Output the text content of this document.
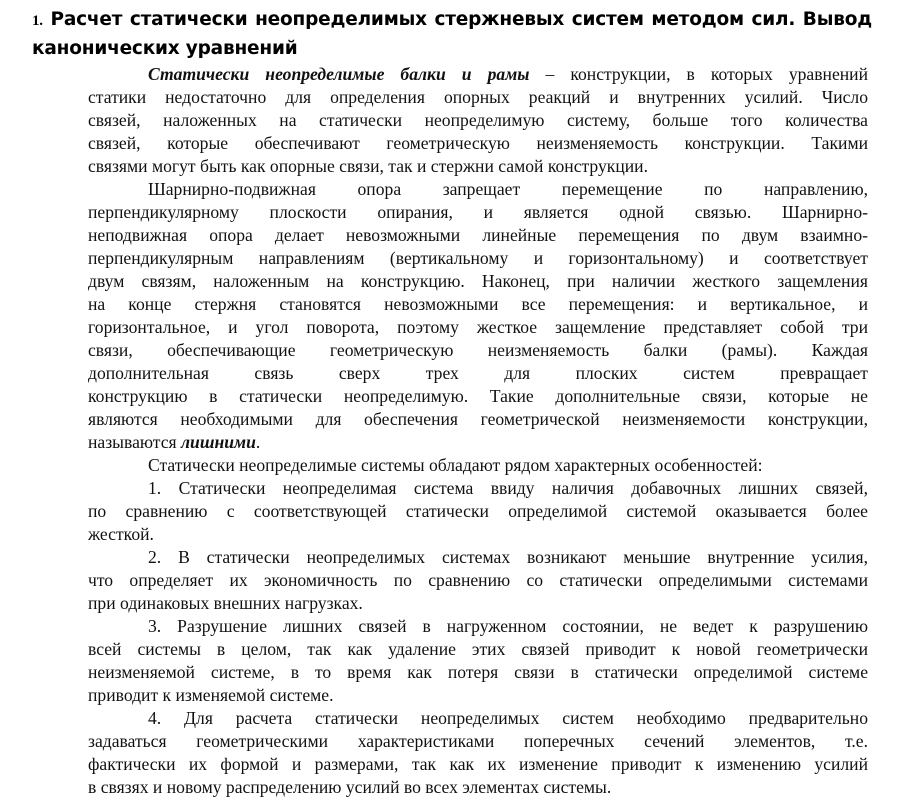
1. Расчет статически неопределимых стержневых систем методом сил. Вывод канонических уравнений
Статически неопределимые балки и рамы – конструкции, в которых уравнений
статики недостаточно для определения опорных реакций и внутренних усилий. Число
связей, наложенных на статически неопределимую систему, больше того количества
связей, которые обеспечивают геометрическую неизменяемость конструкции. Такими
связями могут быть как опорные связи, так и стержни самой конструкции.
Шарнирно-подвижная опора запрещает перемещение по направлению,
перпендикулярному плоскости опирания, и является одной связью. Шарнирно-
неподвижная опора делает невозможными линейные перемещения по двум взаимно-
перпендикулярным направлениям (вертикальному и горизонтальному) и соответствует
двум связям, наложенным на конструкцию. Наконец, при наличии жесткого защемления
на конце стержня становятся невозможными все перемещения: и вертикальное, и
горизонтальное, и угол поворота, поэтому жесткое защемление представляет собой три
связи, обеспечивающие геометрическую неизменяемость балки (рамы). Каждая
дополнительная связь сверх трех для плоских систем превращает
конструкцию в статически неопределимую. Такие дополнительные связи, которые не
являются необходимыми для обеспечения геометрической неизменяемости конструкции,
называются лишними.
Статически неопределимые системы обладают рядом характерных особенностей:
1. Статически неопределимая система ввиду наличия добавочных лишних связей,
по сравнению с соответствующей статически определимой системой оказывается более
жесткой.
2. В статически неопределимых системах возникают меньшие внутренние усилия,
что определяет их экономичность по сравнению со статически определимыми системами
при одинаковых внешних нагрузках.
3. Разрушение лишних связей в нагруженном состоянии, не ведет к разрушению
всей системы в целом, так как удаление этих связей приводит к новой геометрически
неизменяемой системе, в то время как потеря связи в статически определимой системе
приводит к изменяемой системе.
4. Для расчета статически неопределимых систем необходимо предварительно
задаваться геометрическими характеристиками поперечных сечений элементов, т.е.
фактически их формой и размерами, так как их изменение приводит к изменению усилий
в связях и новому распределению усилий во всех элементах системы.
